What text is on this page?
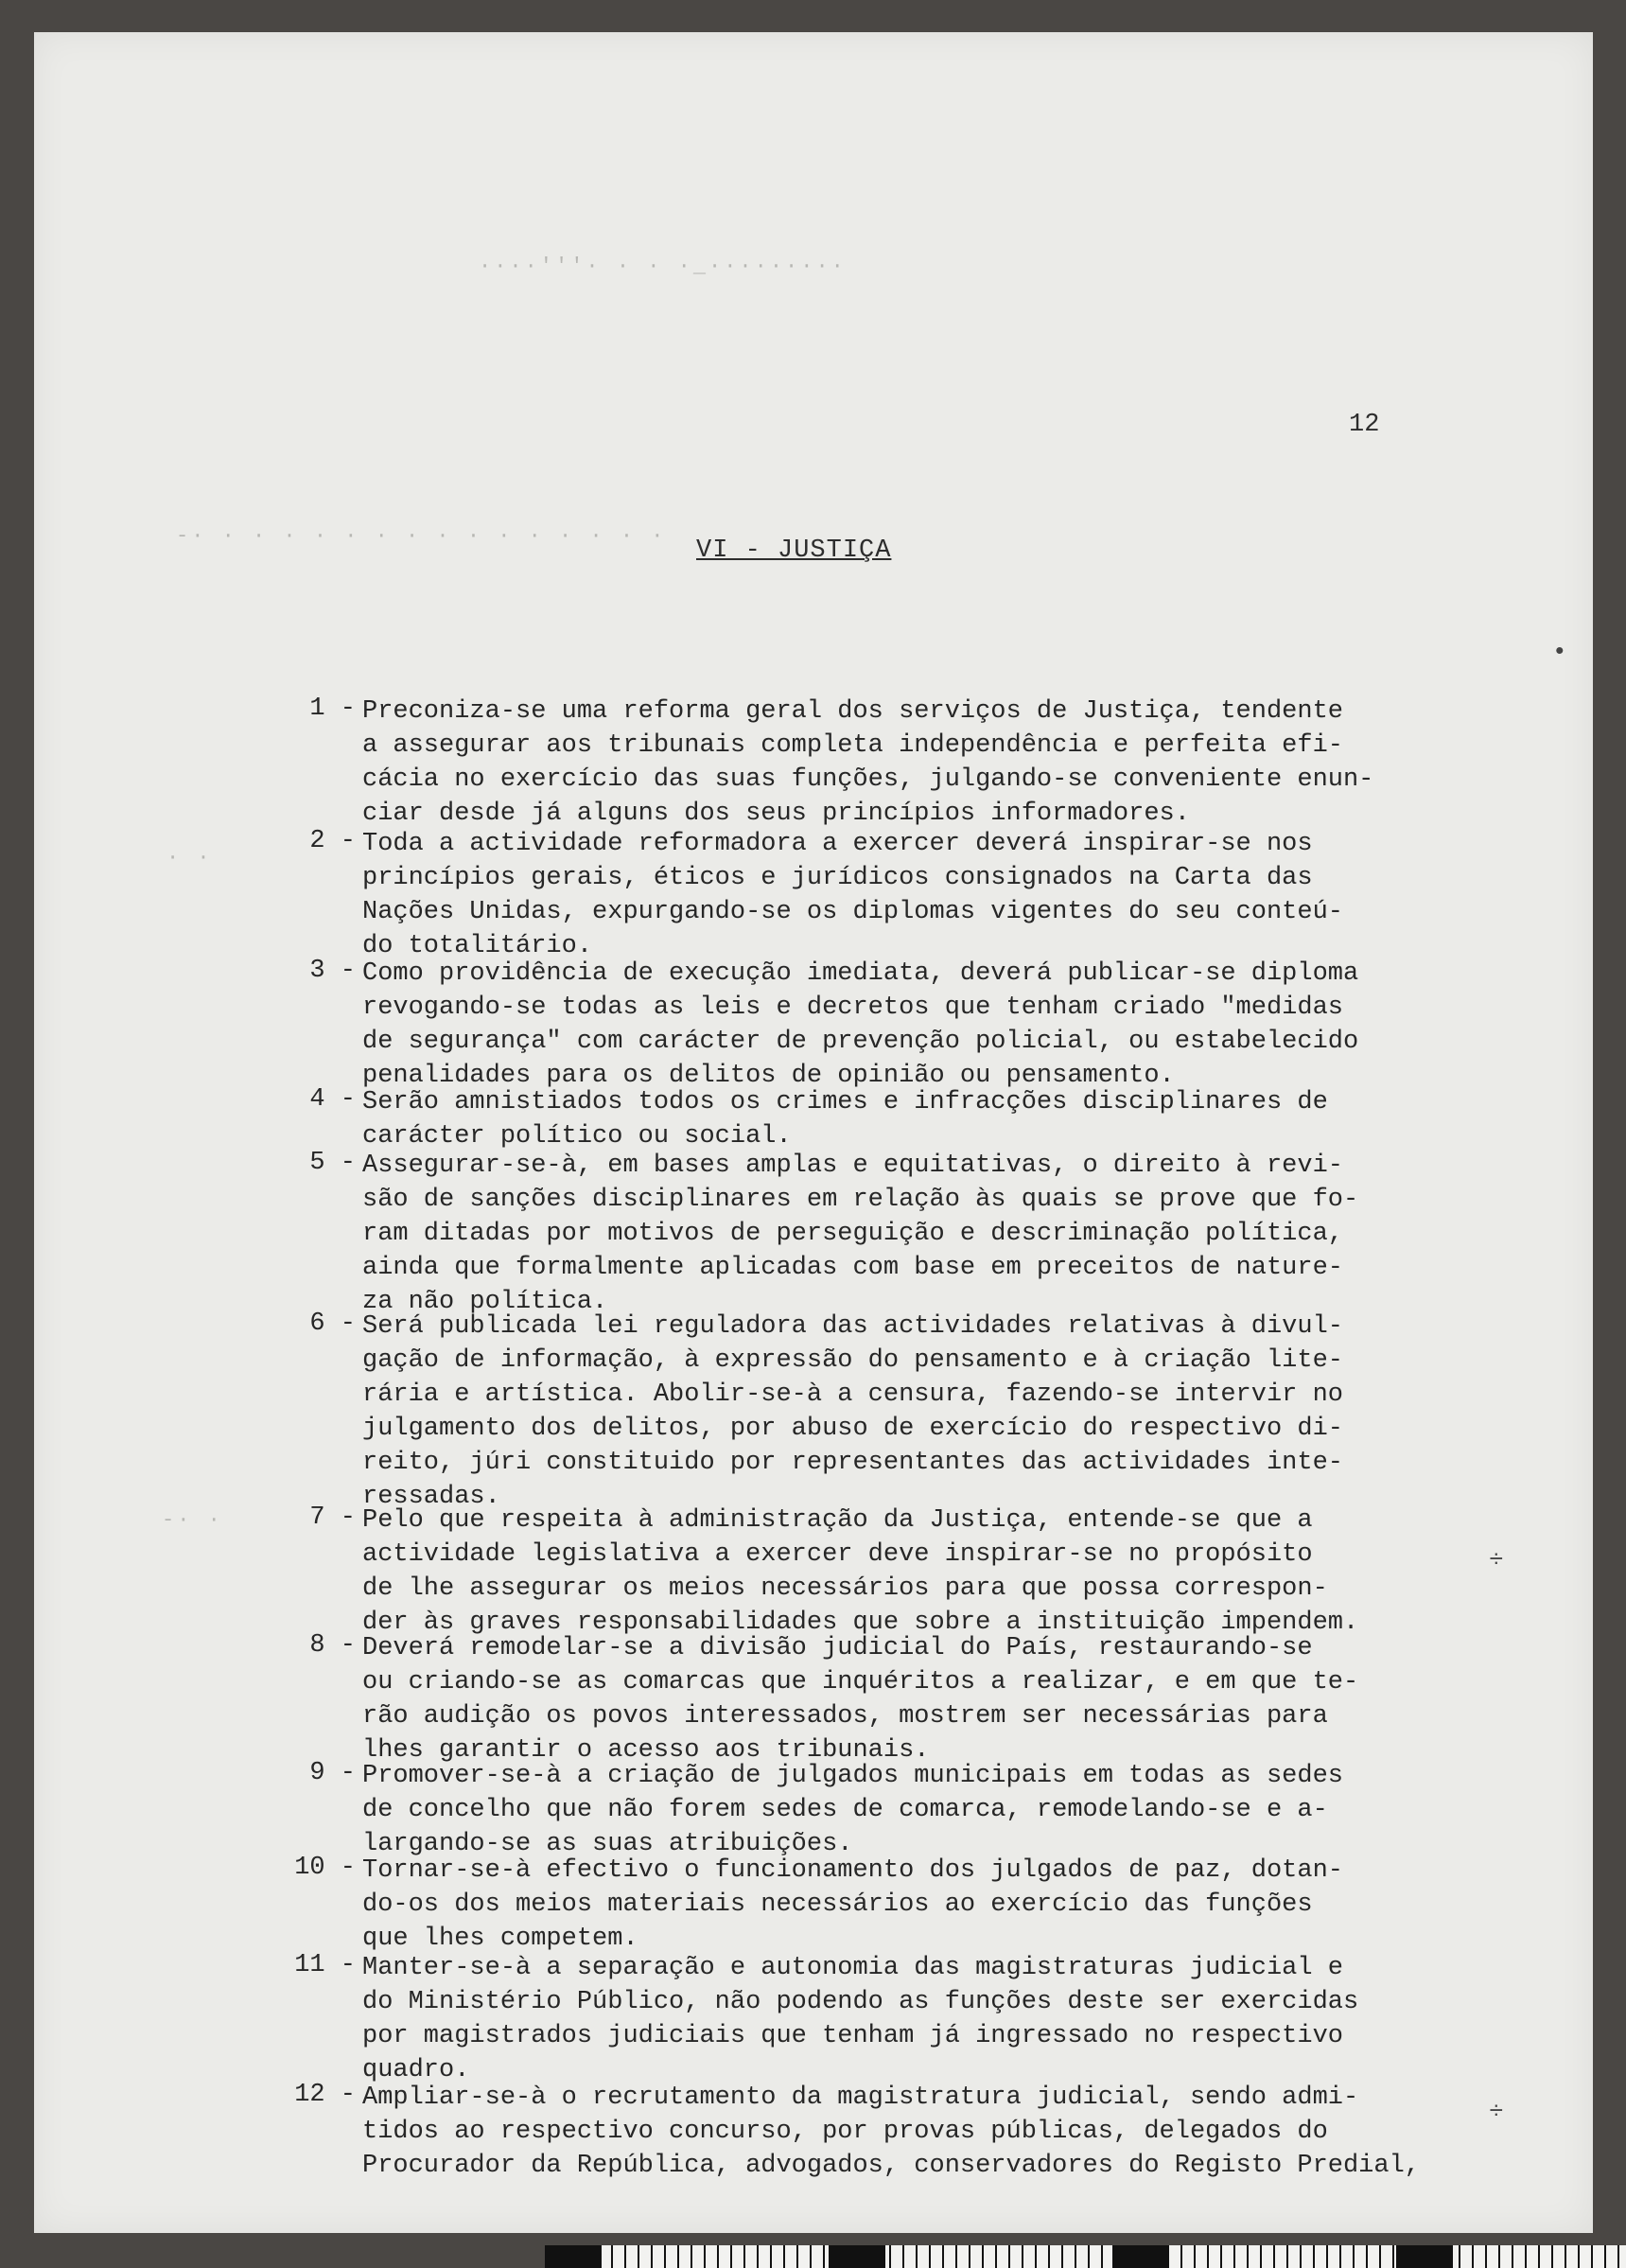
····'''· · · ·_·········
-· · · · · · · · · · · · · · · ·
· ·
-· ·
12
VI - JUSTIÇA
1 - Preconiza-se uma reforma geral dos serviços de Justiça, tendente
a assegurar aos tribunais completa independência e perfeita efi-
cácia no exercício das suas funções, julgando-se conveniente enun-
ciar desde já alguns dos seus princípios informadores.
2 - Toda a actividade reformadora a exercer deverá inspirar-se nos
princípios gerais, éticos e jurídicos consignados na Carta das
Nações Unidas, expurgando-se os diplomas vigentes do seu conteú-
do totalitário.
3 - Como providência de execução imediata, deverá publicar-se diploma
revogando-se todas as leis e decretos que tenham criado "medidas
de segurança" com carácter de prevenção policial, ou estabelecido
penalidades para os delitos de opinião ou pensamento.
4 - Serão amnistiados todos os crimes e infracções disciplinares de
carácter político ou social.
5 - Assegurar-se-à, em bases amplas e equitativas, o direito à revi-
são de sanções disciplinares em relação às quais se prove que fo-
ram ditadas por motivos de perseguição e descriminação política,
ainda que formalmente aplicadas com base em preceitos de nature-
za não política.
6 - Será publicada lei reguladora das actividades relativas à divul-
gação de informação, à expressão do pensamento e à criação lite-
rária e artística. Abolir-se-à a censura, fazendo-se intervir no
julgamento dos delitos, por abuso de exercício do respectivo di-
reito, júri constituido por representantes das actividades inte-
ressadas.
7 - Pelo que respeita à administração da Justiça, entende-se que a
actividade legislativa a exercer deve inspirar-se no propósito
de lhe assegurar os meios necessários para que possa correspon-
der às graves responsabilidades que sobre a instituição impendem.
8 - Deverá remodelar-se a divisão judicial do País, restaurando-se
ou criando-se as comarcas que inquéritos a realizar, e em que te-
rão audição os povos interessados, mostrem ser necessárias para
lhes garantir o acesso aos tribunais.
9 - Promover-se-à a criação de julgados municipais em todas as sedes
de concelho que não forem sedes de comarca, remodelando-se e a-
largando-se as suas atribuições.
10 - Tornar-se-à efectivo o funcionamento dos julgados de paz, dotan-
do-os dos meios materiais necessários ao exercício das funções
que lhes competem.
11 - Manter-se-à a separação e autonomia das magistraturas judicial e
do Ministério Público, não podendo as funções deste ser exercidas
por magistrados judiciais que tenham já ingressado no respectivo
quadro.
12 - Ampliar-se-à o recrutamento da magistratura judicial, sendo admi-
tidos ao respectivo concurso, por provas públicas, delegados do
Procurador da República, advogados, conservadores do Registo Predial,
•
÷
÷
